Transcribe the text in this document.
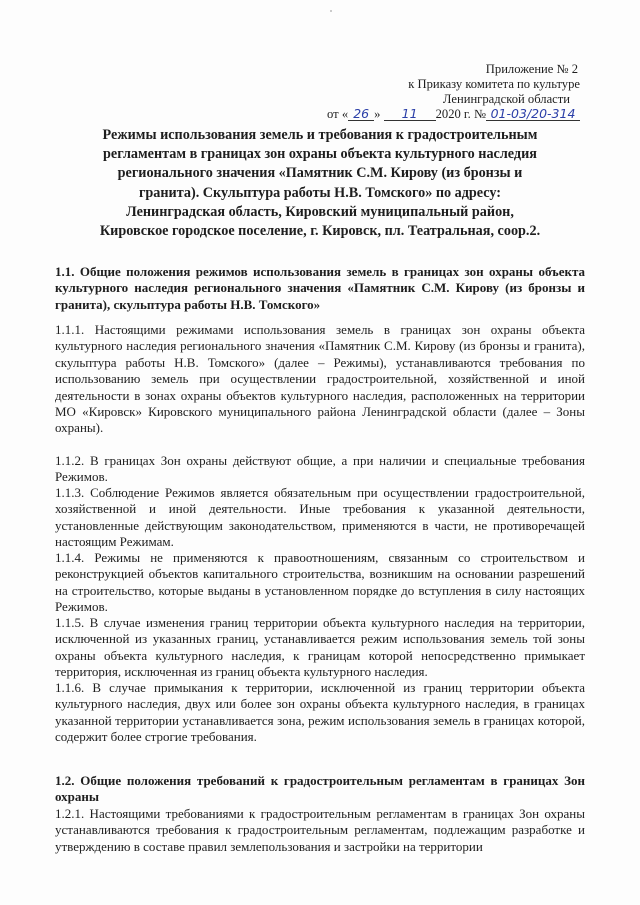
Приложение № 2
к Приказу комитета по культуре
Ленинградской области
от « 26 » 11 2020 г. № 01-03/20-314
Режимы использования земель и требования к градостроительным регламентам в границах зон охраны объекта культурного наследия регионального значения «Памятник С.М. Кирову (из бронзы и гранита). Скульптура работы Н.В. Томского» по адресу: Ленинградская область, Кировский муниципальный район, Кировское городское поселение, г. Кировск, пл. Театральная, соор.2.

1.1. Общие положения режимов использования земель в границах зон охраны объекта культурного наследия регионального значения «Памятник С.М. Кирову (из бронзы и гранита), скульптура работы Н.В. Томского»

1.1.1. Настоящими режимами использования земель в границах зон охраны объекта культурного наследия регионального значения «Памятник С.М. Кирову (из бронзы и гранита), скульптура работы Н.В. Томского» (далее – Режимы), устанавливаются требования по использованию земель при осуществлении градостроительной, хозяйственной и иной деятельности в зонах охраны объектов культурного наследия, расположенных на территории МО «Кировск» Кировского муниципального района Ленинградской области (далее – Зоны охраны).

1.1.2. В границах Зон охраны действуют общие, а при наличии и специальные требования Режимов.

1.1.3. Соблюдение Режимов является обязательным при осуществлении градостроительной, хозяйственной и иной деятельности. Иные требования к указанной деятельности, установленные действующим законодательством, применяются в части, не противоречащей настоящим Режимам.

1.1.4. Режимы не применяются к правоотношениям, связанным со строительством и реконструкцией объектов капитального строительства, возникшим на основании разрешений на строительство, которые выданы в установленном порядке до вступления в силу настоящих Режимов.

1.1.5. В случае изменения границ территории объекта культурного наследия на территории, исключенной из указанных границ, устанавливается режим использования земель той зоны охраны объекта культурного наследия, к границам которой непосредственно примыкает территория, исключенная из границ объекта культурного наследия.

1.1.6. В случае примыкания к территории, исключенной из границ территории объекта культурного наследия, двух или более зон охраны объекта культурного наследия, в границах указанной территории устанавливается зона, режим использования земель в границах которой, содержит более строгие требования.

1.2. Общие положения требований к градостроительным регламентам в границах Зон охраны

1.2.1. Настоящими требованиями к градостроительным регламентам в границах Зон охраны устанавливаются требования к градостроительным регламентам, подлежащим разработке и утверждению в составе правил землепользования и застройки на территории
